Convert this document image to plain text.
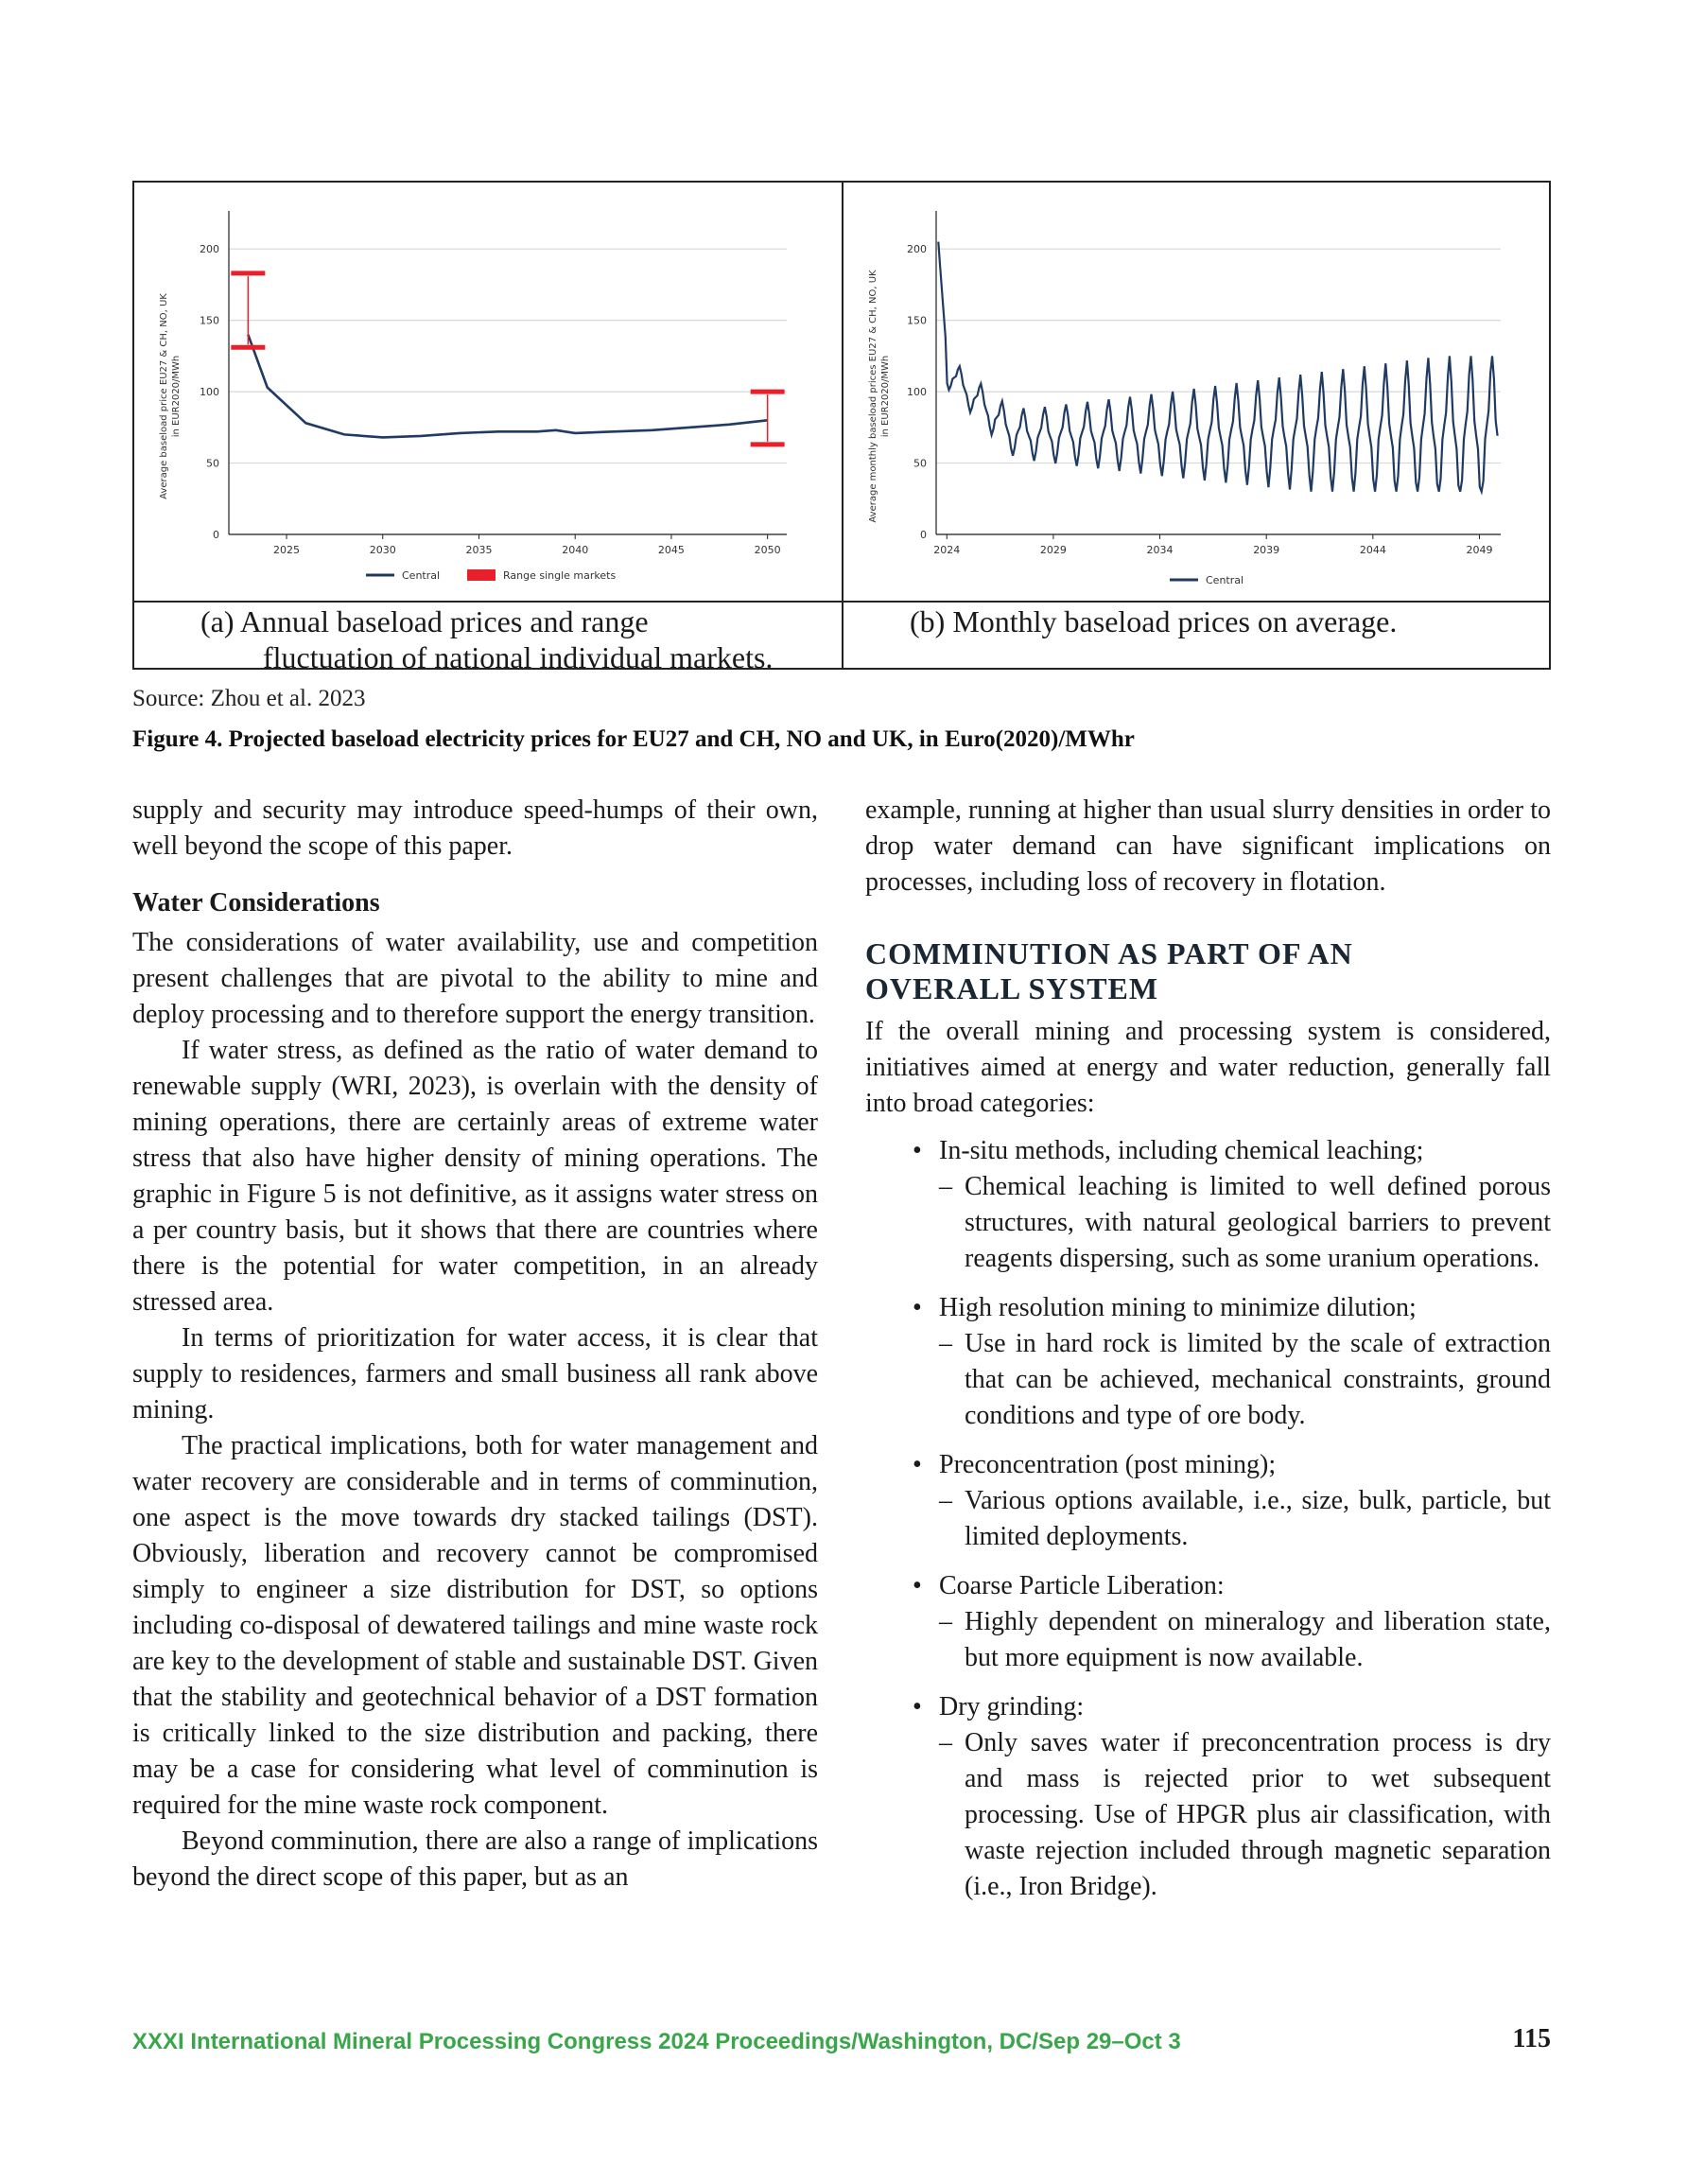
0
50
100
150
200
2025	2030	2035	2040	2045	2050
Average baseload price EU27 & CH, NO, UK in EUR2020/MWh
Central	Range single markets
0
50
100
150
200
2024	2029	2034	2039	2044	2049
Average monthly baseload prices EU27 & CH, NO, UK in EUR2020/MWh
Central
(a) Annual baseload prices and range
fluctuation of national individual markets.
(b) Monthly baseload prices on average.
Source: Zhou et al. 2023
Figure 4. Projected baseload electricity prices for EU27 and CH, NO and UK, in Euro(2020)/MWhr

supply and security may introduce speed-humps of their own, well beyond the scope of this paper.

Water Considerations

The considerations of water availability, use and competition present challenges that are pivotal to the ability to mine and deploy processing and to therefore support the energy transition.

If water stress, as defined as the ratio of water demand to renewable supply (WRI, 2023), is overlain with the density of mining operations, there are certainly areas of extreme water stress that also have higher density of mining operations. The graphic in Figure 5 is not definitive, as it assigns water stress on a per country basis, but it shows that there are countries where there is the potential for water competition, in an already stressed area.

In terms of prioritization for water access, it is clear that supply to residences, farmers and small business all rank above mining.

The practical implications, both for water management and water recovery are considerable and in terms of comminution, one aspect is the move towards dry stacked tailings (DST). Obviously, liberation and recovery cannot be compromised simply to engineer a size distribution for DST, so options including co-disposal of dewatered tailings and mine waste rock are key to the development of stable and sustainable DST. Given that the stability and geotechnical behavior of a DST formation is critically linked to the size distribution and packing, there may be a case for considering what level of comminution is required for the mine waste rock component.

Beyond comminution, there are also a range of implications beyond the direct scope of this paper, but as an

example, running at higher than usual slurry densities in order to drop water demand can have significant implications on processes, including loss of recovery in flotation.

COMMINUTION AS PART OF AN
OVERALL SYSTEM

If the overall mining and processing system is considered, initiatives aimed at energy and water reduction, generally fall into broad categories:

• In-situ methods, including chemical leaching;
– Chemical leaching is limited to well defined porous structures, with natural geological barriers to prevent reagents dispersing, such as some uranium operations.
• High resolution mining to minimize dilution;
– Use in hard rock is limited by the scale of extraction that can be achieved, mechanical constraints, ground conditions and type of ore body.
• Preconcentration (post mining);
– Various options available, i.e., size, bulk, particle, but limited deployments.
• Coarse Particle Liberation:
– Highly dependent on mineralogy and liberation state, but more equipment is now available.
• Dry grinding:
– Only saves water if preconcentration process is dry and mass is rejected prior to wet subsequent processing. Use of HPGR plus air classification, with waste rejection included through magnetic separation (i.e., Iron Bridge).
XXXI International Mineral Processing Congress 2024 Proceedings/Washington, DC/Sep 29–Oct 3	115
